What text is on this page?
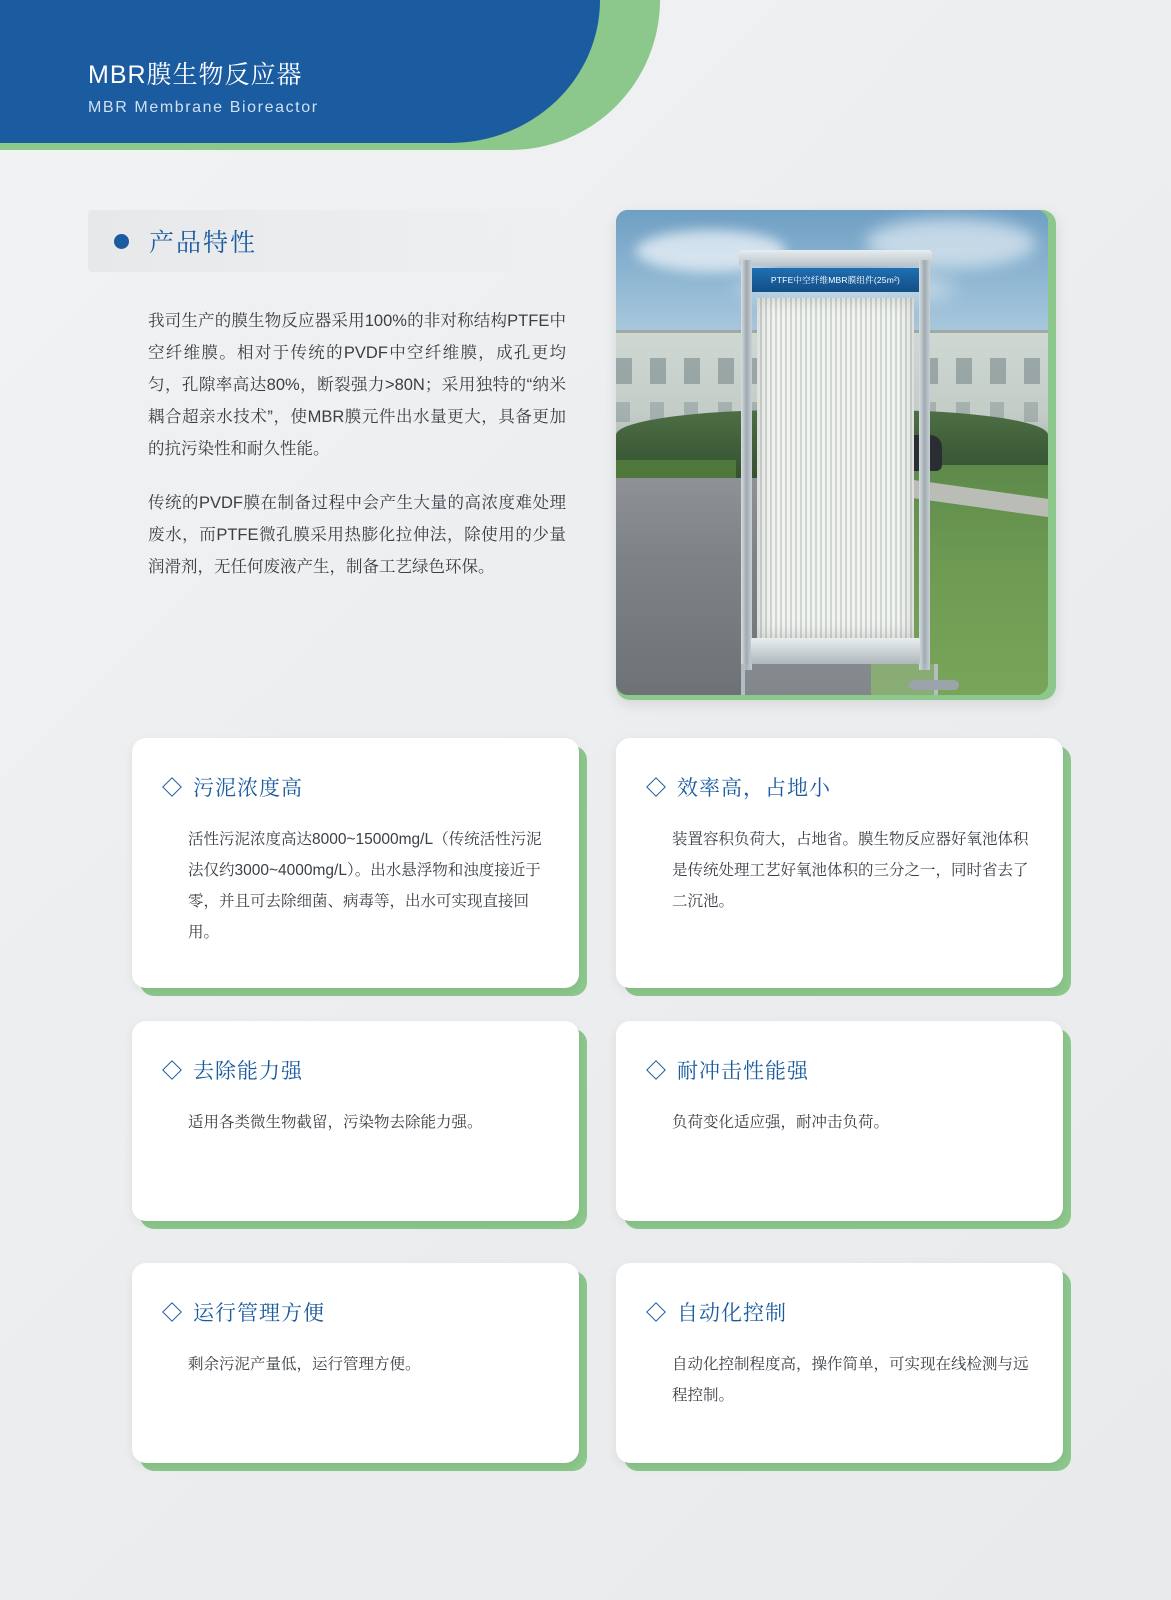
MBR膜生物反应器
MBR Membrane Bioreactor
产品特性

我司生产的膜生物反应器采用100%的非对称结构PTFE中空纤维膜。相对于传统的PVDF中空纤维膜，成孔更均匀，孔隙率高达80%，断裂强力>80N；采用独特的“纳米耦合超亲水技术”，使MBR膜元件出水量更大，具备更加的抗污染性和耐久性能。

传统的PVDF膜在制备过程中会产生大量的高浓度难处理废水，而PTFE微孔膜采用热膨化拉伸法，除使用的少量润滑剂，无任何废液产生，制备工艺绿色环保。

PTFE中空纤维MBR膜组件(25m²)
污泥浓度高
活性污泥浓度高达8000~15000mg/L（传统活性污泥法仅约3000~4000mg/L）。出水悬浮物和浊度接近于零，并且可去除细菌、病毒等，出水可实现直接回用。
效率高，占地小
装置容积负荷大，占地省。膜生物反应器好氧池体积是传统处理工艺好氧池体积的三分之一，同时省去了二沉池。
去除能力强
适用各类微生物截留，污染物去除能力强。
耐冲击性能强
负荷变化适应强，耐冲击负荷。
运行管理方便
剩余污泥产量低，运行管理方便。
自动化控制
自动化控制程度高，操作简单，可实现在线检测与远程控制。
